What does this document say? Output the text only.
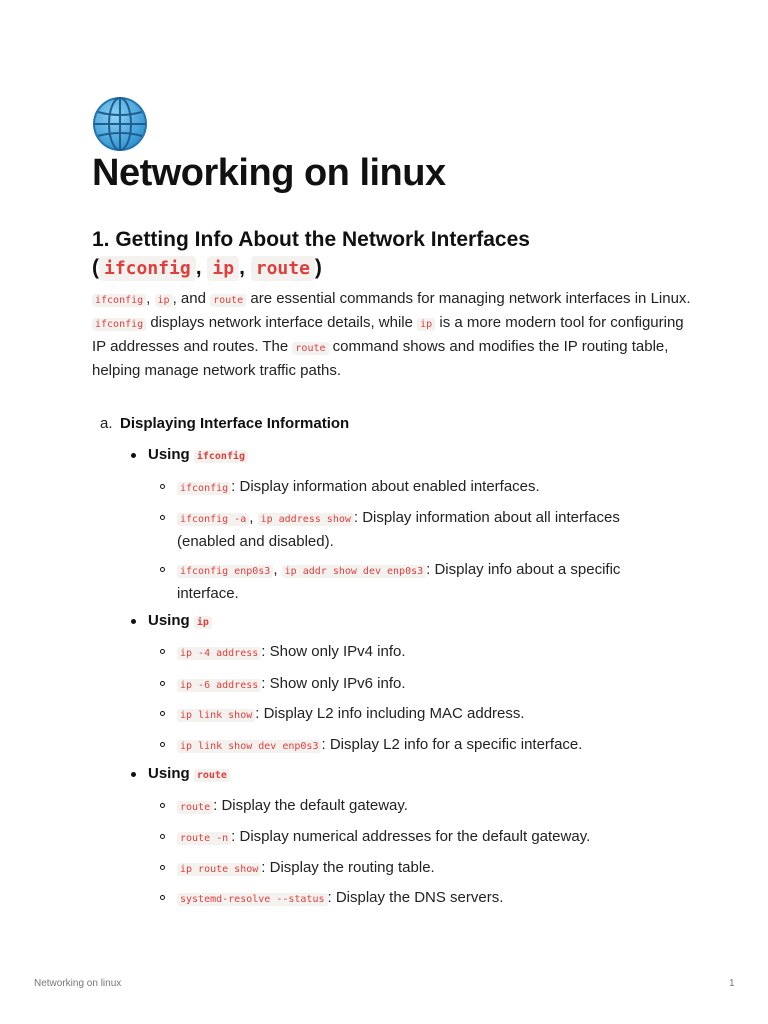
Networking on linux
1. Getting Info About the Network Interfaces
( ifconfig , ip , route )

ifconfig , ip , and route are essential commands for managing network interfaces in Linux. ifconfig displays network interface details, while ip is a more modern tool for configuring IP addresses and routes. The route command shows and modifies the IP routing table, helping manage network traffic paths.

a. Displaying Interface Information
Using ifconfig
ifconfig : Display information about enabled interfaces.
ifconfig -a , ip address show : Display information about all interfaces (enabled and disabled).
ifconfig enp0s3 , ip addr show dev enp0s3 : Display info about a specific interface.
Using ip
ip -4 address : Show only IPv4 info.
ip -6 address : Show only IPv6 info.
ip link show : Display L2 info including MAC address.
ip link show dev enp0s3 : Display L2 info for a specific interface.
Using route
route : Display the default gateway.
route -n : Display numerical addresses for the default gateway.
ip route show : Display the routing table.
systemd-resolve --status : Display the DNS servers.
Networking on linux	1
